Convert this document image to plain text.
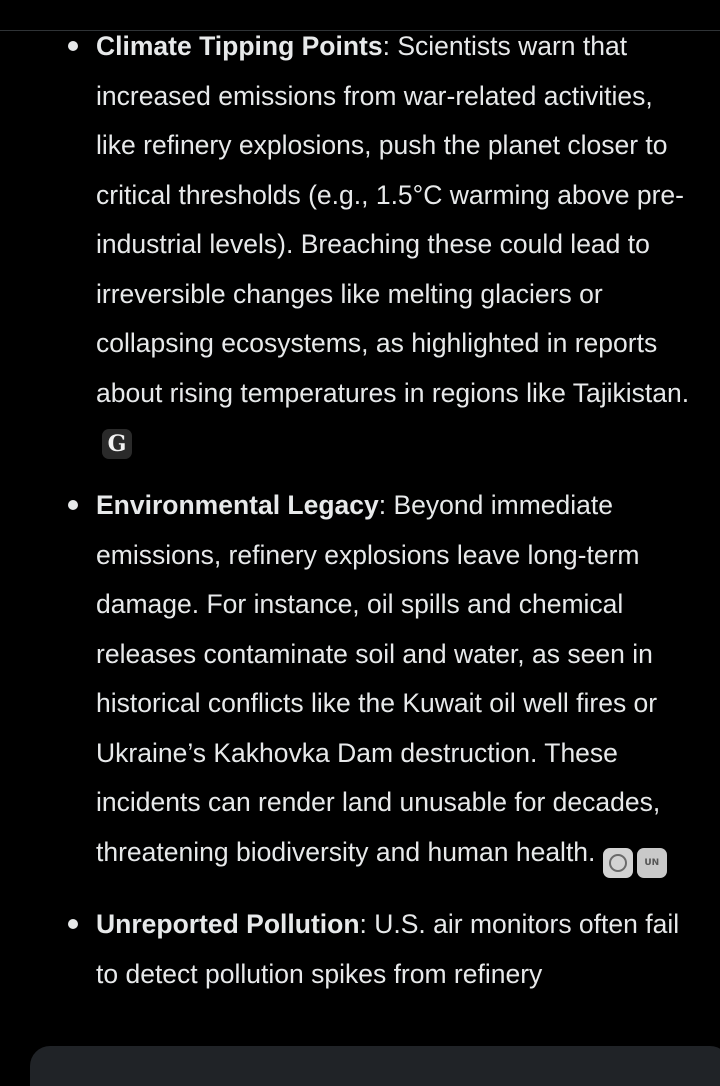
Climate Tipping Points: Scientists warn that increased emissions from war-related activities, like refinery explosions, push the planet closer to critical thresholds (e.g., 1.5°C warming above pre-industrial levels). Breaching these could lead to irreversible changes like melting glaciers or collapsing ecosystems, as highlighted in reports about rising temperatures in regions like Tajikistan.
G
Environmental Legacy: Beyond immediate emissions, refinery explosions leave long-term damage. For instance, oil spills and chemical releases contaminate soil and water, as seen in historical conflicts like the Kuwait oil well fires or Ukraine’s Kakhovka Dam destruction. These incidents can render land unusable for decades, threatening biodiversity and human health.	UN
Unreported Pollution: U.S. air monitors often fail to detect pollution spikes from refinery
